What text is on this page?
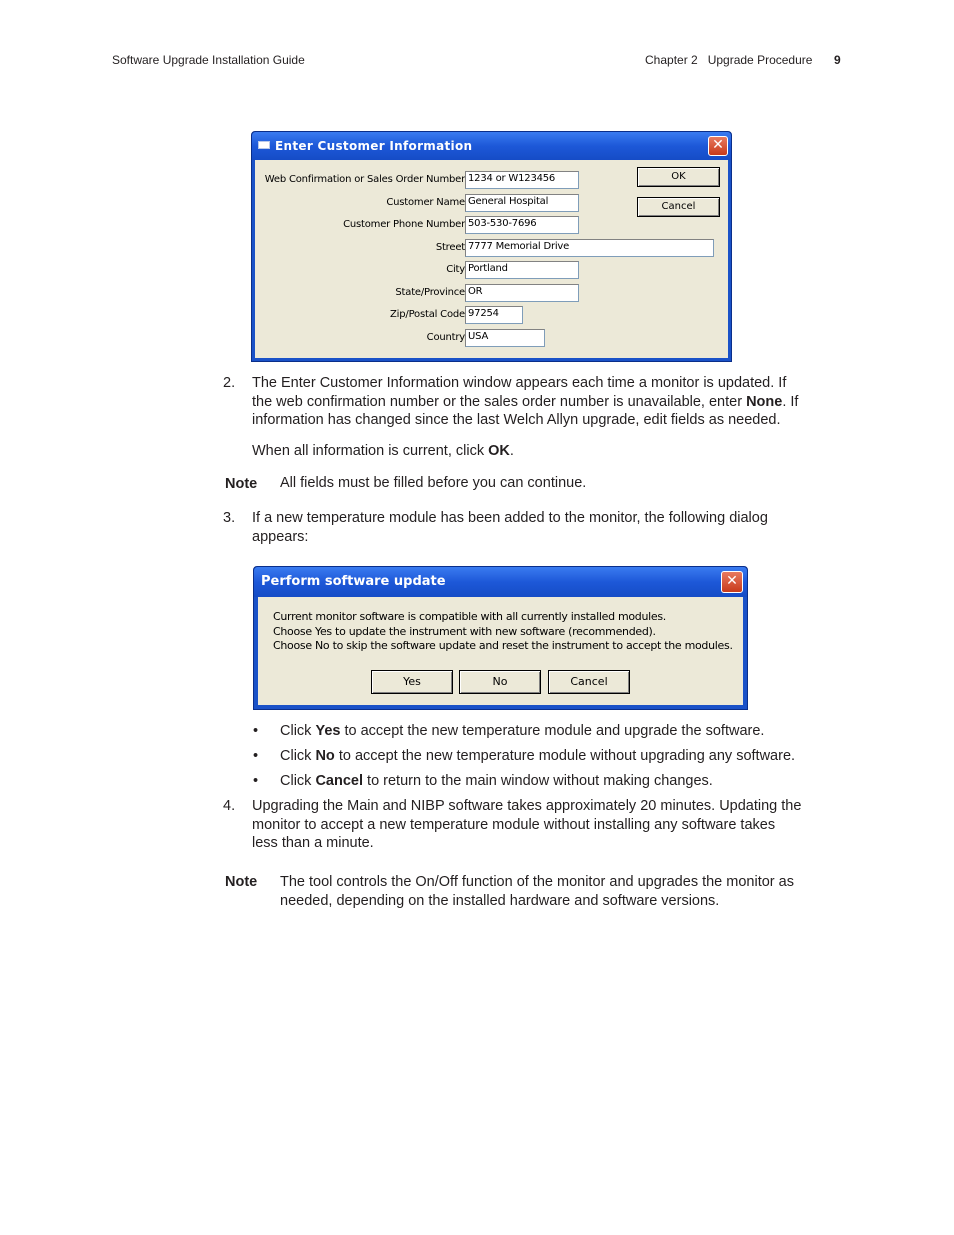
Software Upgrade Installation Guide	Chapter 2   Upgrade Procedure 9
Enter Customer Information	✕
Web Confirmation or Sales Order Number 1234 or W123456
Customer Name General Hospital
Customer Phone Number 503-530-7696
Street 7777 Memorial Drive
City Portland
State/Province OR
Zip/Postal Code 97254
Country USA
OK
Cancel
2. The Enter Customer Information window appears each time a monitor is updated. If
the web confirmation number or the sales order number is unavailable, enter None. If
information has changed since the last Welch Allyn upgrade, edit fields as needed.
When all information is current, click OK.
Note All fields must be filled before you can continue.
3. If a new temperature module has been added to the monitor, the following dialog
appears:
Perform software update	✕
Current monitor software is compatible with all currently installed modules.
Choose Yes to update the instrument with new software (recommended).
Choose No to skip the software update and reset the instrument to accept the modules.
Yes	No	Cancel
• Click Yes to accept the new temperature module and upgrade the software.
• Click No to accept the new temperature module without upgrading any software.
• Click Cancel to return to the main window without making changes.
4. Upgrading the Main and NIBP software takes approximately 20 minutes. Updating the
monitor to accept a new temperature module without installing any software takes
less than a minute.
Note The tool controls the On/Off function of the monitor and upgrades the monitor as
needed, depending on the installed hardware and software versions.
